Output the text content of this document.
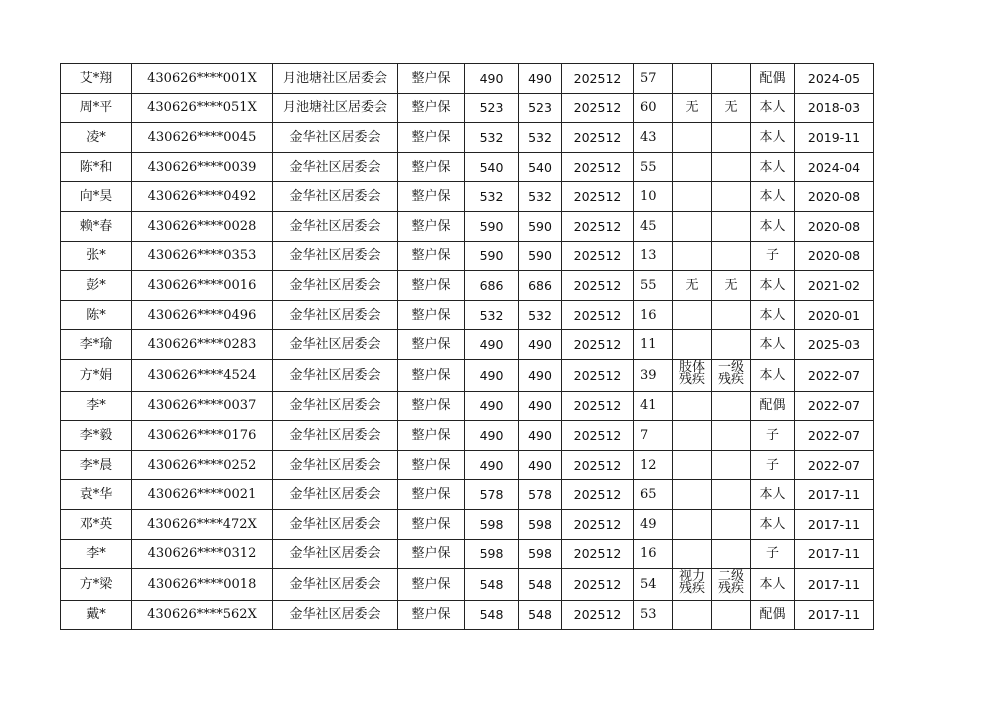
艾*翔	430626****001X	月池塘社区居委会	整户保	490	490	202512	57			配偶	2024-05
周*平	430626****051X	月池塘社区居委会	整户保	523	523	202512	60	无	无	本人	2018-03
凌*	430626****0045	金华社区居委会	整户保	532	532	202512	43			本人	2019-11
陈*和	430626****0039	金华社区居委会	整户保	540	540	202512	55			本人	2024-04
向*昊	430626****0492	金华社区居委会	整户保	532	532	202512	10			本人	2020-08
赖*春	430626****0028	金华社区居委会	整户保	590	590	202512	45			本人	2020-08
张*	430626****0353	金华社区居委会	整户保	590	590	202512	13			子	2020-08
彭*	430626****0016	金华社区居委会	整户保	686	686	202512	55	无	无	本人	2021-02
陈*	430626****0496	金华社区居委会	整户保	532	532	202512	16			本人	2020-01
李*瑜	430626****0283	金华社区居委会	整户保	490	490	202512	11			本人	2025-03
方*娟	430626****4524	金华社区居委会	整户保	490	490	202512	39	肢体残疾	一级残疾	本人	2022-07
李*	430626****0037	金华社区居委会	整户保	490	490	202512	41			配偶	2022-07
李*毅	430626****0176	金华社区居委会	整户保	490	490	202512	7			子	2022-07
李*晨	430626****0252	金华社区居委会	整户保	490	490	202512	12			子	2022-07
袁*华	430626****0021	金华社区居委会	整户保	578	578	202512	65			本人	2017-11
邓*英	430626****472X	金华社区居委会	整户保	598	598	202512	49			本人	2017-11
李*	430626****0312	金华社区居委会	整户保	598	598	202512	16			子	2017-11
方*梁	430626****0018	金华社区居委会	整户保	548	548	202512	54	视力残疾	二级残疾	本人	2017-11
戴*	430626****562X	金华社区居委会	整户保	548	548	202512	53			配偶	2017-11
